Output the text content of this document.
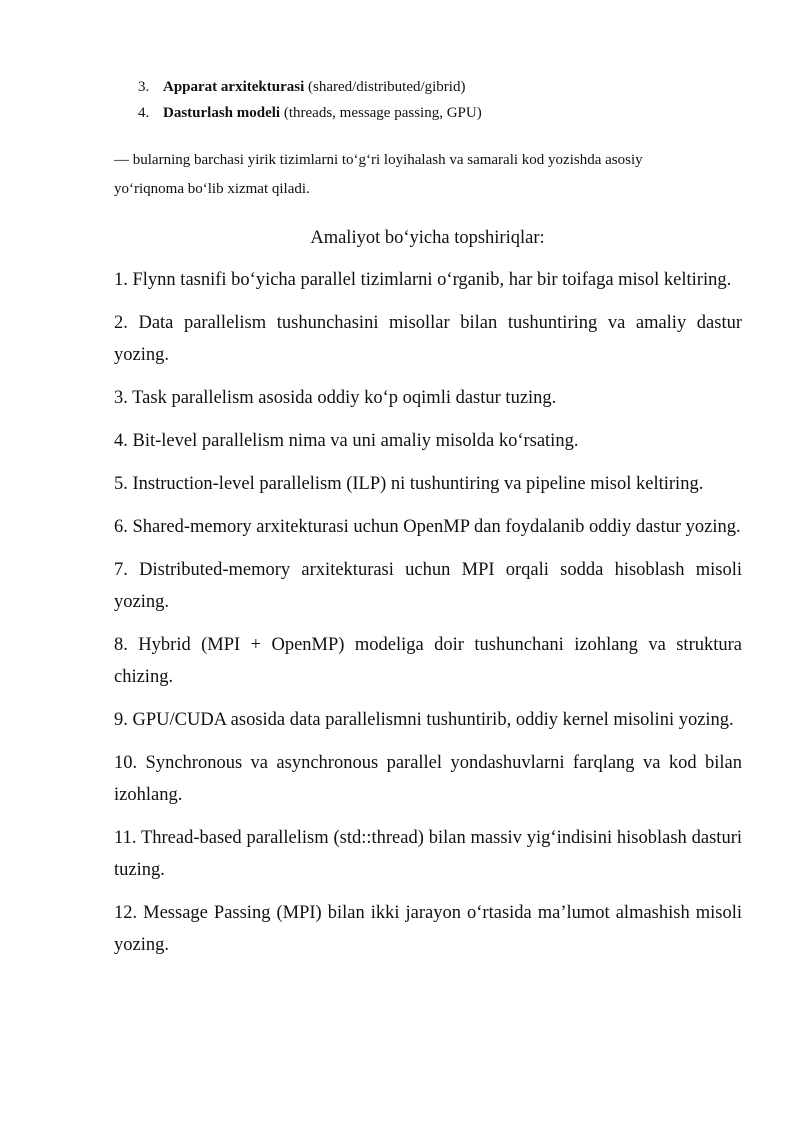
3. Apparat arxitekturasi (shared/distributed/gibrid)
4. Dasturlash modeli (threads, message passing, GPU)
— bularning barchasi yirik tizimlarni to‘g‘ri loyihalash va samarali kod yozishda asosiy
yo‘riqnoma bo‘lib xizmat qiladi.
Amaliyot bo‘yicha topshiriqlar:

1. Flynn tasnifi bo‘yicha parallel tizimlarni o‘rganib, har bir toifaga misol keltiring.

2. Data parallelism tushunchasini misollar bilan tushuntiring va amaliy dastur yozing.

3. Task parallelism asosida oddiy ko‘p oqimli dastur tuzing.

4. Bit-level parallelism nima va uni amaliy misolda ko‘rsating.

5. Instruction-level parallelism (ILP) ni tushuntiring va pipeline misol keltiring.

6. Shared-memory arxitekturasi uchun OpenMP dan foydalanib oddiy dastur yozing.

7. Distributed-memory arxitekturasi uchun MPI orqali sodda hisoblash misoli yozing.

8. Hybrid (MPI + OpenMP) modeliga doir tushunchani izohlang va struktura chizing.

9. GPU/CUDA asosida data parallelismni tushuntirib, oddiy kernel misolini yozing.

10. Synchronous va asynchronous parallel yondashuvlarni farqlang va kod bilan izohlang.

11. Thread-based parallelism (std::thread) bilan massiv yig‘indisini hisoblash dasturi tuzing.

12. Message Passing (MPI) bilan ikki jarayon o‘rtasida ma’lumot almashish misoli yozing.
